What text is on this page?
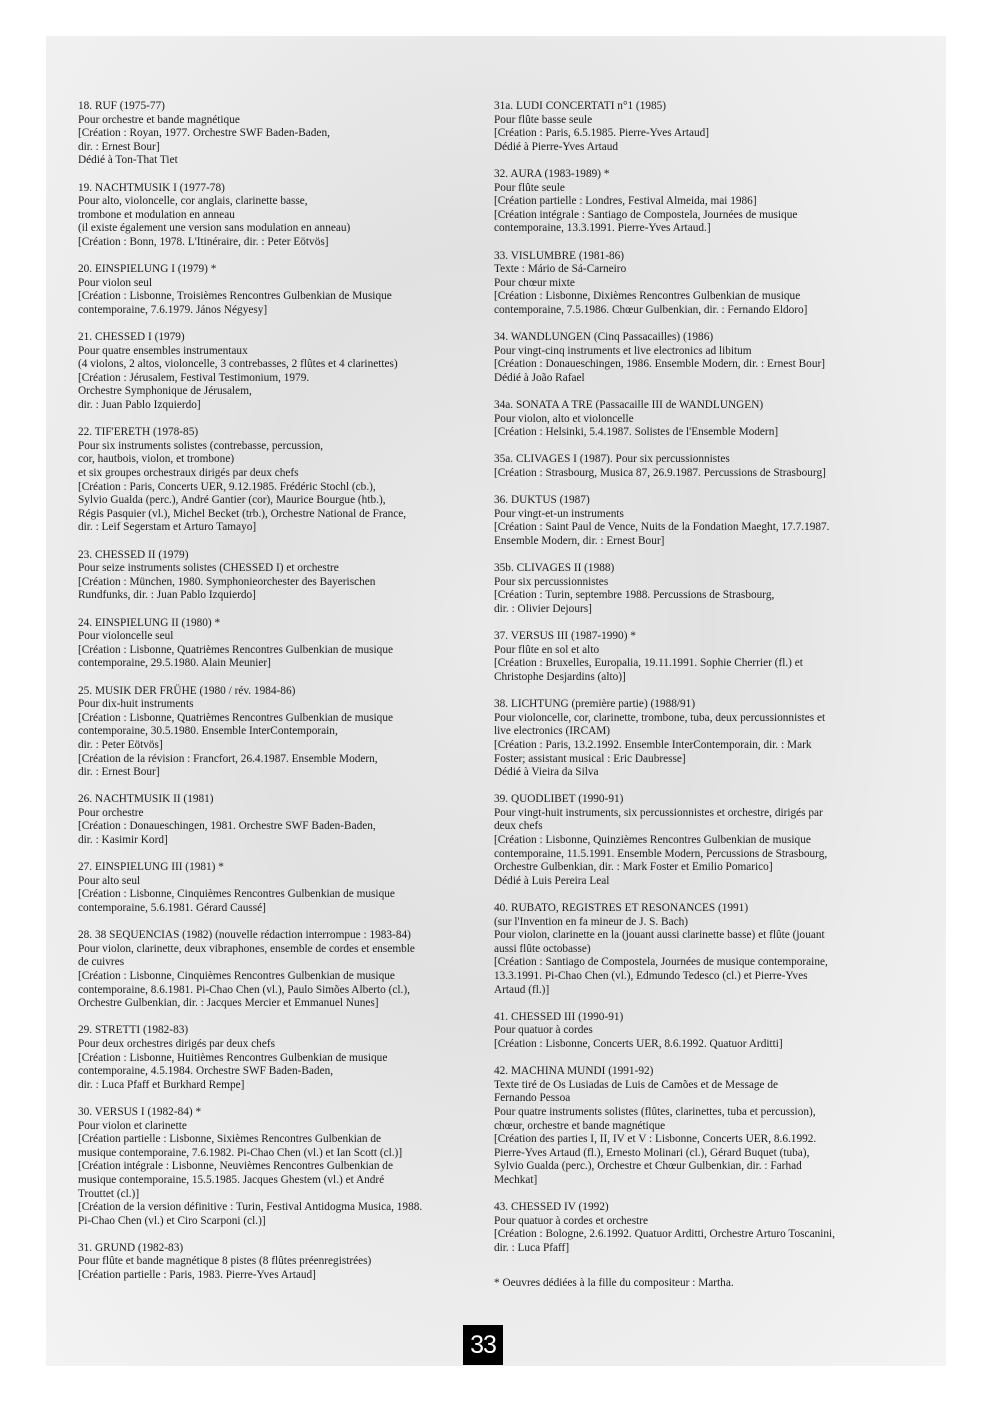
18. RUF (1975-77)
Pour orchestre et bande magnétique
[Création : Royan, 1977. Orchestre SWF Baden-Baden,
dir. : Ernest Bour]
Dédié à Ton-That Tiet
19. NACHTMUSIK I (1977-78)
Pour alto, violoncelle, cor anglais, clarinette basse,
trombone et modulation en anneau
(il existe également une version sans modulation en anneau)
[Création : Bonn, 1978. L'Itinéraire, dir. : Peter Eötvös]
20. EINSPIELUNG I (1979) *
Pour violon seul
[Création : Lisbonne, Troisièmes Rencontres Gulbenkian de Musique
contemporaine, 7.6.1979. János Négyesy]
21. CHESSED I (1979)
Pour quatre ensembles instrumentaux
(4 violons, 2 altos, violoncelle, 3 contrebasses, 2 flûtes et 4 clarinettes)
[Création : Jérusalem, Festival Testimonium, 1979.
Orchestre Symphonique de Jérusalem,
dir. : Juan Pablo Izquierdo]
22. TIF'ERETH (1978-85)
Pour six instruments solistes (contrebasse, percussion,
cor, hautbois, violon, et trombone)
et six groupes orchestraux dirigés par deux chefs
[Création : Paris, Concerts UER, 9.12.1985. Frédéric Stochl (cb.),
Sylvio Gualda (perc.), André Gantier (cor), Maurice Bourgue (htb.),
Régis Pasquier (vl.), Michel Becket (trb.), Orchestre National de France,
dir. : Leif Segerstam et Arturo Tamayo]
23. CHESSED II (1979)
Pour seize instruments solistes (CHESSED I) et orchestre
[Création : München, 1980. Symphonieorchester des Bayerischen
Rundfunks, dir. : Juan Pablo Izquierdo]
24. EINSPIELUNG II (1980) *
Pour violoncelle seul
[Création : Lisbonne, Quatrièmes Rencontres Gulbenkian de musique
contemporaine, 29.5.1980. Alain Meunier]
25. MUSIK DER FRÜHE (1980 / rév. 1984-86)
Pour dix-huit instruments
[Création : Lisbonne, Quatrièmes Rencontres Gulbenkian de musique
contemporaine, 30.5.1980. Ensemble InterContemporain,
dir. : Peter Eötvös]
[Création de la révision : Francfort, 26.4.1987. Ensemble Modern,
dir. : Ernest Bour]
26. NACHTMUSIK II (1981)
Pour orchestre
[Création : Donaueschingen, 1981. Orchestre SWF Baden-Baden,
dir. : Kasimir Kord]
27. EINSPIELUNG III (1981) *
Pour alto seul
[Création : Lisbonne, Cinquièmes Rencontres Gulbenkian de musique
contemporaine, 5.6.1981. Gérard Caussé]
28. 38 SEQUENCIAS (1982) (nouvelle rédaction interrompue : 1983-84)
Pour violon, clarinette, deux vibraphones, ensemble de cordes et ensemble
de cuivres
[Création : Lisbonne, Cinquièmes Rencontres Gulbenkian de musique
contemporaine, 8.6.1981. Pi-Chao Chen (vl.), Paulo Simões Alberto (cl.),
Orchestre Gulbenkian, dir. : Jacques Mercier et Emmanuel Nunes]
29. STRETTI (1982-83)
Pour deux orchestres dirigés par deux chefs
[Création : Lisbonne, Huitièmes Rencontres Gulbenkian de musique
contemporaine, 4.5.1984. Orchestre SWF Baden-Baden,
dir. : Luca Pfaff et Burkhard Rempe]
30. VERSUS I (1982-84) *
Pour violon et clarinette
[Création partielle : Lisbonne, Sixièmes Rencontres Gulbenkian de
musique contemporaine, 7.6.1982. Pi-Chao Chen (vl.) et Ian Scott (cl.)]
[Création intégrale : Lisbonne, Neuvièmes Rencontres Gulbenkian de
musique contemporaine, 15.5.1985. Jacques Ghestem (vl.) et André
Trouttet (cl.)]
[Création de la version définitive : Turin, Festival Antidogma Musica, 1988.
Pi-Chao Chen (vl.) et Ciro Scarponi (cl.)]
31. GRUND (1982-83)
Pour flûte et bande magnétique 8 pistes (8 flûtes préenregistrées)
[Création partielle : Paris, 1983. Pierre-Yves Artaud]
31a. LUDI CONCERTATI n°1 (1985)
Pour flûte basse seule
[Création : Paris, 6.5.1985. Pierre-Yves Artaud]
Dédié à Pierre-Yves Artaud
32. AURA (1983-1989) *
Pour flûte seule
[Création partielle : Londres, Festival Almeida, mai 1986]
[Création intégrale : Santiago de Compostela, Journées de musique
contemporaine, 13.3.1991. Pierre-Yves Artaud.]
33. VISLUMBRE (1981-86)
Texte : Mário de Sá-Carneiro
Pour chœur mixte
[Création : Lisbonne, Dixièmes Rencontres Gulbenkian de musique
contemporaine, 7.5.1986. Chœur Gulbenkian, dir. : Fernando Eldoro]
34. WANDLUNGEN (Cinq Passacailles) (1986)
Pour vingt-cinq instruments et live electronics ad libitum
[Création : Donaueschingen, 1986. Ensemble Modern, dir. : Ernest Bour]
Dédié à João Rafael
34a. SONATA A TRE (Passacaille III de WANDLUNGEN)
Pour violon, alto et violoncelle
[Création : Helsinki, 5.4.1987. Solistes de l'Ensemble Modern]
35a. CLIVAGES I (1987). Pour six percussionnistes
[Création : Strasbourg, Musica 87, 26.9.1987. Percussions de Strasbourg]
36. DUKTUS (1987)
Pour vingt-et-un instruments
[Création : Saint Paul de Vence, Nuits de la Fondation Maeght, 17.7.1987.
Ensemble Modern, dir. : Ernest Bour]
35b. CLIVAGES II (1988)
Pour six percussionnistes
[Création : Turin, septembre 1988. Percussions de Strasbourg,
dir. : Olivier Dejours]
37. VERSUS III (1987-1990) *
Pour flûte en sol et alto
[Création : Bruxelles, Europalia, 19.11.1991. Sophie Cherrier (fl.) et
Christophe Desjardins (alto)]
38. LICHTUNG (première partie) (1988/91)
Pour violoncelle, cor, clarinette, trombone, tuba, deux percussionnistes et
live electronics (IRCAM)
[Création : Paris, 13.2.1992. Ensemble InterContemporain, dir. : Mark
Foster; assistant musical : Eric Daubresse]
Dédié à Vieira da Silva
39. QUODLIBET (1990-91)
Pour vingt-huit instruments, six percussionnistes et orchestre, dirigés par
deux chefs
[Création : Lisbonne, Quinzièmes Rencontres Gulbenkian de musique
contemporaine, 11.5.1991. Ensemble Modern, Percussions de Strasbourg,
Orchestre Gulbenkian, dir. : Mark Foster et Emilio Pomarico]
Dédié à Luis Pereira Leal
40. RUBATO, REGISTRES ET RESONANCES (1991)
(sur l'Invention en fa mineur de J. S. Bach)
Pour violon, clarinette en la (jouant aussi clarinette basse) et flûte (jouant
aussi flûte octobasse)
[Création : Santiago de Compostela, Journées de musique contemporaine,
13.3.1991. Pi-Chao Chen (vl.), Edmundo Tedesco (cl.) et Pierre-Yves
Artaud (fl.)]
41. CHESSED III (1990-91)
Pour quatuor à cordes
[Création : Lisbonne, Concerts UER, 8.6.1992. Quatuor Arditti]
42. MACHINA MUNDI (1991-92)
Texte tiré de Os Lusiadas de Luis de Camões et de Message de
Fernando Pessoa
Pour quatre instruments solistes (flûtes, clarinettes, tuba et percussion),
chœur, orchestre et bande magnétique
[Création des parties I, II, IV et V : Lisbonne, Concerts UER, 8.6.1992.
Pierre-Yves Artaud (fl.), Ernesto Molinari (cl.), Gérard Buquet (tuba),
Sylvio Gualda (perc.), Orchestre et Chœur Gulbenkian, dir. : Farhad
Mechkat]
43. CHESSED IV (1992)
Pour quatuor à cordes et orchestre
[Création : Bologne, 2.6.1992. Quatuor Arditti, Orchestre Arturo Toscanini,
dir. : Luca Pfaff]
* Oeuvres dédiées à la fille du compositeur : Martha.
33
